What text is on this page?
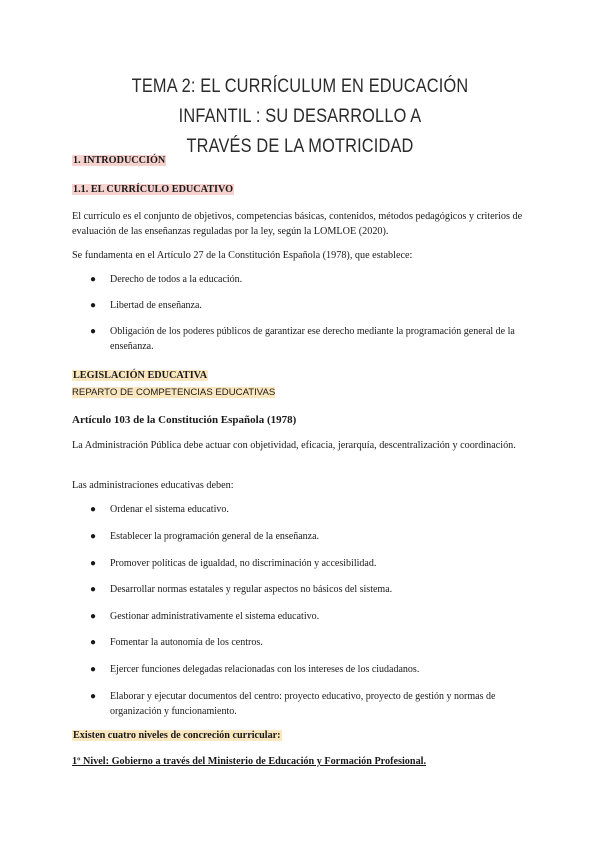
TEMA 2: EL CURRÍCULUM EN EDUCACIÓN INFANTIL : SU DESARROLLO A
TRAVÉS DE LA MOTRICIDAD
1. INTRODUCCIÓN
1.1. EL CURRÍCULO EDUCATIVO
El currículo es el conjunto de objetivos, competencias básicas, contenidos, métodos pedagógicos y criterios de evaluación de las enseñanzas reguladas por la ley, según la LOMLOE (2020).
Se fundamenta en el Artículo 27 de la Constitución Española (1978), que establece:
●	Derecho de todos a la educación.
●	Libertad de enseñanza.
●	Obligación de los poderes públicos de garantizar ese derecho mediante la programación general de la enseñanza.
LEGISLACIÓN EDUCATIVA
REPARTO DE COMPETENCIAS EDUCATIVAS
Artículo 103 de la Constitución Española (1978)
La Administración Pública debe actuar con objetividad, eficacia, jerarquía, descentralización y coordinación.
Las administraciones educativas deben:
●	Ordenar el sistema educativo.
●	Establecer la programación general de la enseñanza.
●	Promover políticas de igualdad, no discriminación y accesibilidad.
●	Desarrollar normas estatales y regular aspectos no básicos del sistema.
●	Gestionar administrativamente el sistema educativo.
●	Fomentar la autonomía de los centros.
●	Ejercer funciones delegadas relacionadas con los intereses de los ciudadanos.
●	Elaborar y ejecutar documentos del centro: proyecto educativo, proyecto de gestión y normas de organización y funcionamiento.
Existen cuatro niveles de concreción curricular:
1º Nivel: Gobierno a través del Ministerio de Educación y Formación Profesional.
